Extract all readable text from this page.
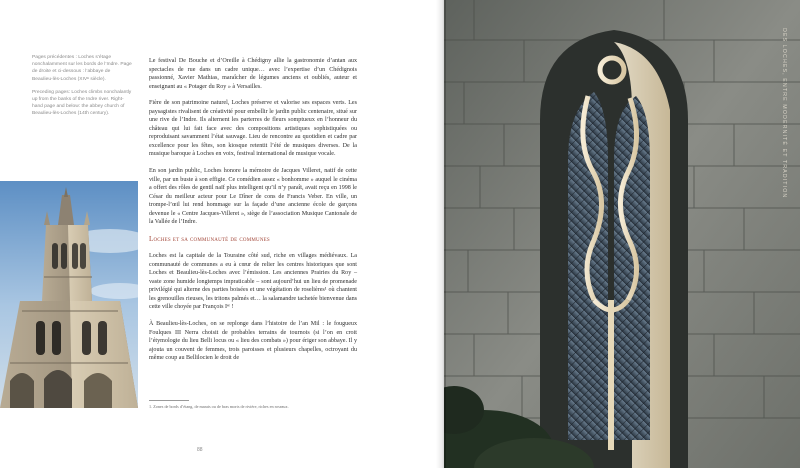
Pages précédentes : Loches s’étage nonchalamment sur les bords de l’Indre. Page de droite et ci-dessous : l’abbaye de Beaulieu-lès-Loches (XIVᵉ siècle).

Preceding pages: Loches climbs nonchalantly up from the banks of the Indre river. Right-hand page and below: the abbey church of Beaulieu-lès-Loches (14th century).

Le festival De Bouche et d’Oreille à Chédigny allie la gastronomie d’antan aux spectacles de rue dans un cadre unique… avec l’expertise d’un Chédignois passionné, Xavier Mathias, maraîcher de légumes anciens et oubliés, auteur et enseignant au « Potager du Roy » à Versailles.

Fière de son patrimoine naturel, Loches préserve et valorise ses espaces verts. Les paysagistes rivalisent de créativité pour embellir le jardin public centenaire, situé sur une rive de l’Indre. Ils alternent les parterres de fleurs somptueux en l’honneur du château qui lui fait face avec des compositions artistiques sophistiquées ou reproduisant savamment l’état sauvage. Lieu de rencontre au quotidien et cadre par excellence pour les fêtes, son kiosque retentit l’été de musiques diverses. De la musique baroque à Loches en voix, festival international de musique vocale.

En son jardin public, Loches honore la mémoire de Jacques Villeret, natif de cette ville, par un buste à son effigie. Ce comédien assez « bonhomme » auquel le cinéma a offert des rôles de gentil naïf plus intelligent qu’il n’y paraît, avait reçu en 1998 le César du meilleur acteur pour Le Dîner de cons de Francis Veber. En ville, un trompe-l’œil lui rend hommage sur la façade d’une ancienne école de garçons devenue le « Centre Jacques-Villeret », siège de l’association Musique Cantonale de la Vallée de l’Indre.

Loches et sa communauté de communes

Loches est la capitale de la Touraine côté sud, riche en villages médiévaux. La communauté de communes a eu à cœur de relier les centres historiques que sont Loches et Beaulieu-lès-Loches avec l’émission. Les anciennes Prairies du Roy – vaste zone humide longtemps impraticable – sont aujourd’hui un lieu de promenade privilégié qui alterne des parties boisées et une végétation de roselières¹ où chantent les grenouilles rieuses, les tritons palmés et… la salamandre tachetée bienvenue dans cette ville choyée par François Iᵉʳ !

À Beaulieu-lès-Loches, on se replonge dans l’histoire de l’an Mil : le fougueux Foulques III Nerra choisit de probables terrains de tournois (si l’on en croit l’étymologie du lieu Belli locus ou « lieu des combats ») pour ériger son abbaye. Il y ajouta un couvent de femmes, trois paroisses et plusieurs chapelles, octroyant du même coup au Bellilocien le droit de

1. Zones de bords d’étang, de marais ou de bras morts de rivière, riches en roseaux.
88
DES LOCHES, ENTRE MODERNITÉ ET TRADITION
